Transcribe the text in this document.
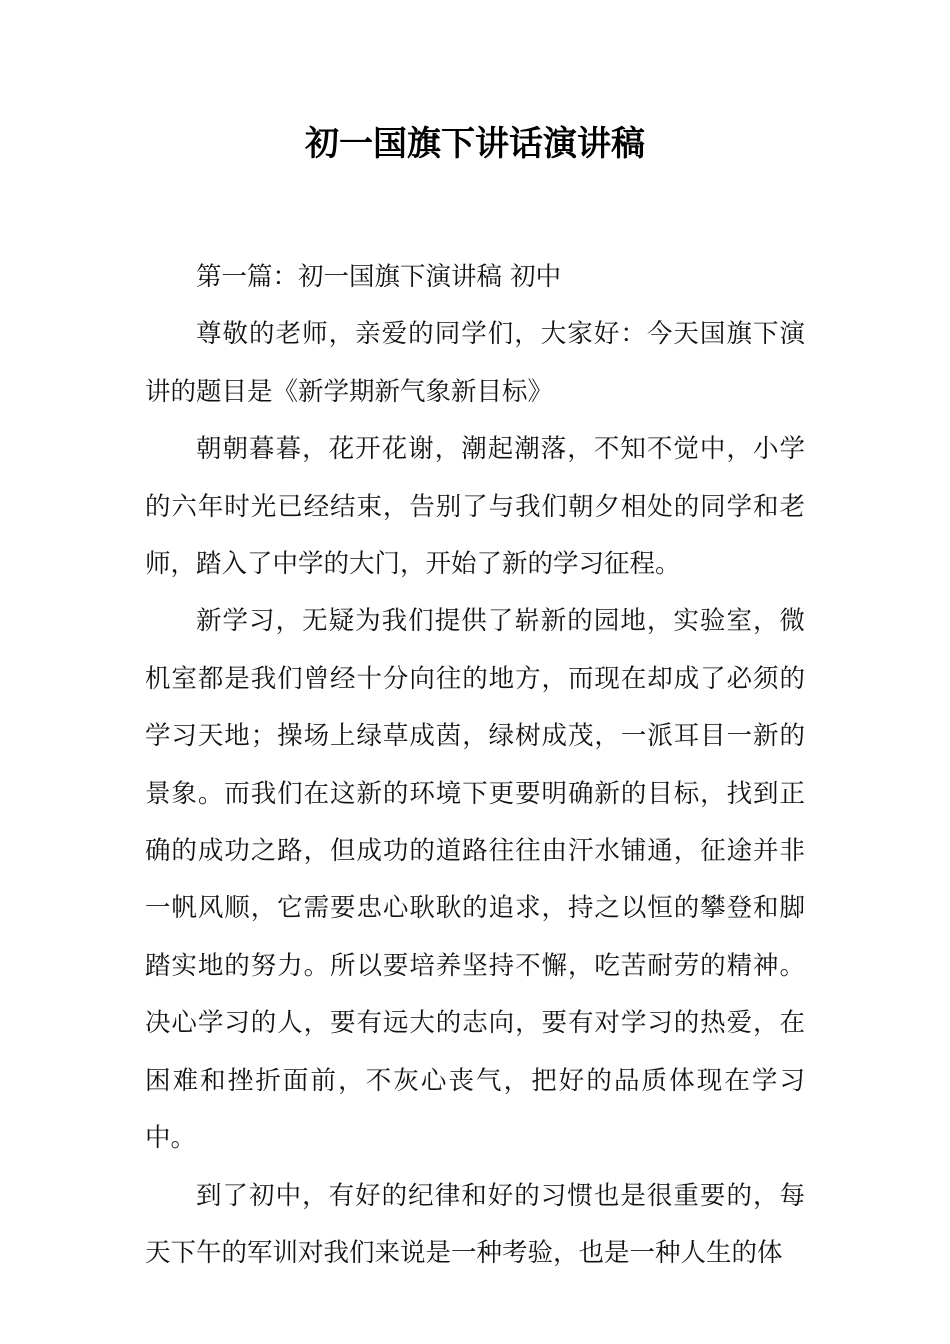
初一国旗下讲话演讲稿

第一篇：初一国旗下演讲稿 初中

尊敬的老师，亲爱的同学们，大家好：今天国旗下演讲的题目是《新学期新气象新目标》

朝朝暮暮，花开花谢，潮起潮落，不知不觉中，小学的六年时光已经结束，告别了与我们朝夕相处的同学和老师，踏入了中学的大门，开始了新的学习征程。

新学习，无疑为我们提供了崭新的园地，实验室，微机室都是我们曾经十分向往的地方，而现在却成了必须的学习天地；操场上绿草成茵，绿树成茂，一派耳目一新的景象。而我们在这新的环境下更要明确新的目标，找到正确的成功之路，但成功的道路往往由汗水铺通，征途并非一帆风顺，它需要忠心耿耿的追求，持之以恒的攀登和脚踏实地的努力。所以要培养坚持不懈，吃苦耐劳的精神。决心学习的人，要有远大的志向，要有对学习的热爱，在困难和挫折面前，不灰心丧气，把好的品质体现在学习中。

到了初中，有好的纪律和好的习惯也是很重要的，每天下午的军训对我们来说是一种考验，也是一种人生的体
